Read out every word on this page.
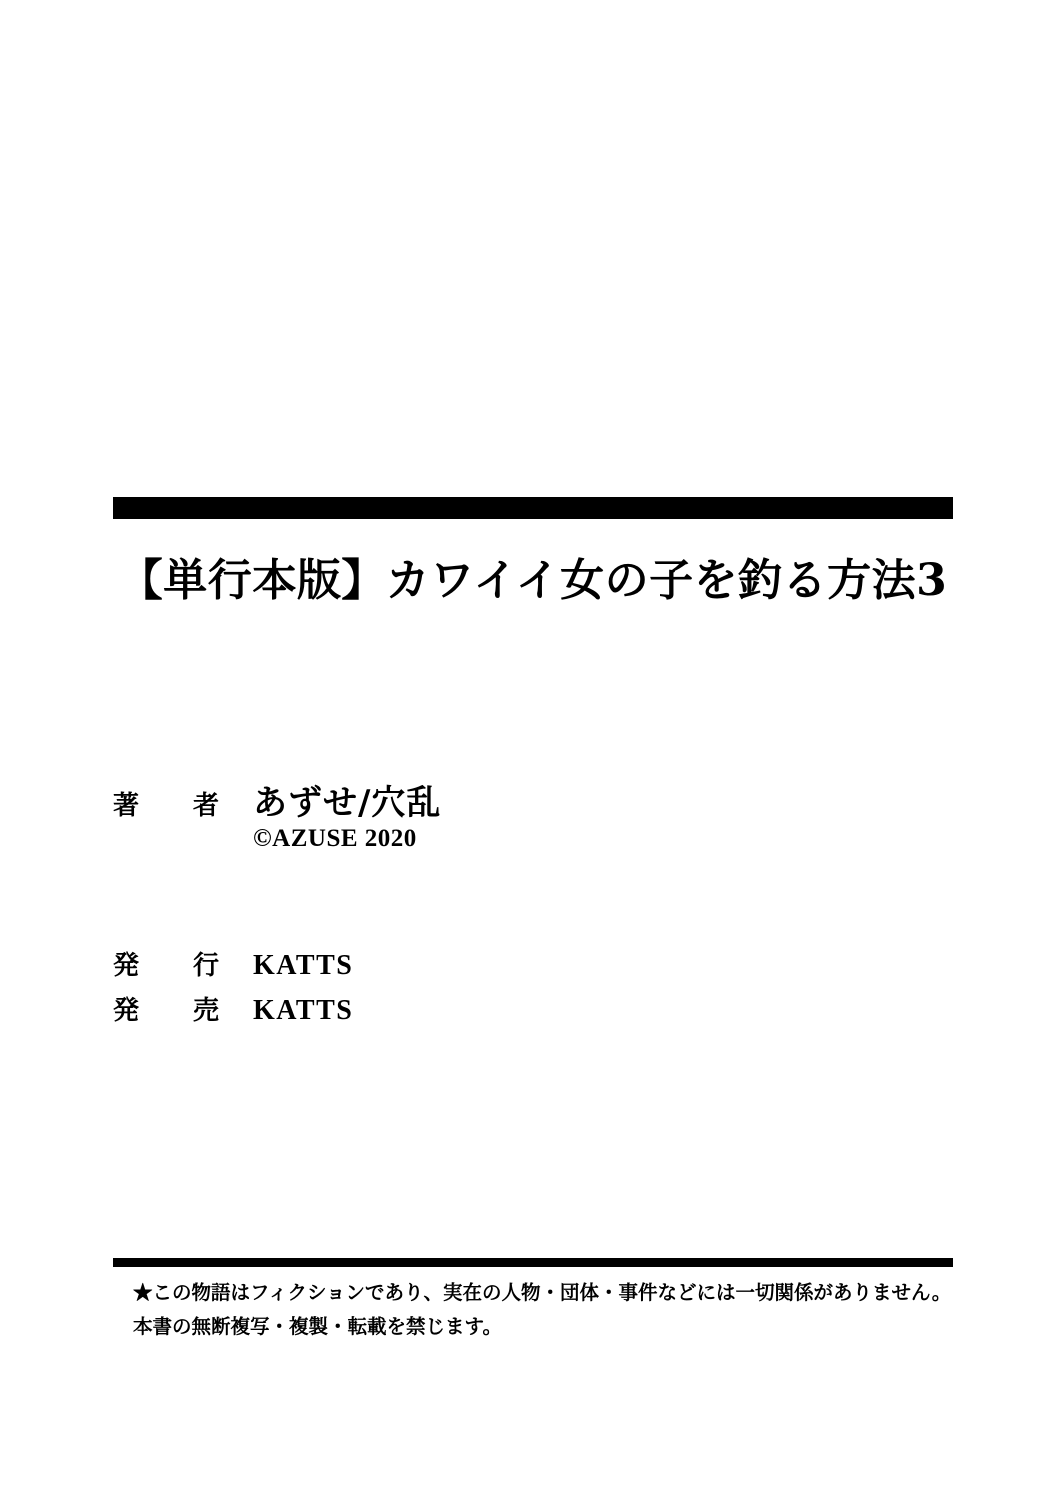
【単行本版】カワイイ女の子を釣る方法3
著　者 あずせ/穴乱
©AZUSE 2020
発　行 KATTS
発　売 KATTS
★この物語はフィクションであり、実在の人物・団体・事件などには一切関係がありません。
本書の無断複写・複製・転載を禁じます。
